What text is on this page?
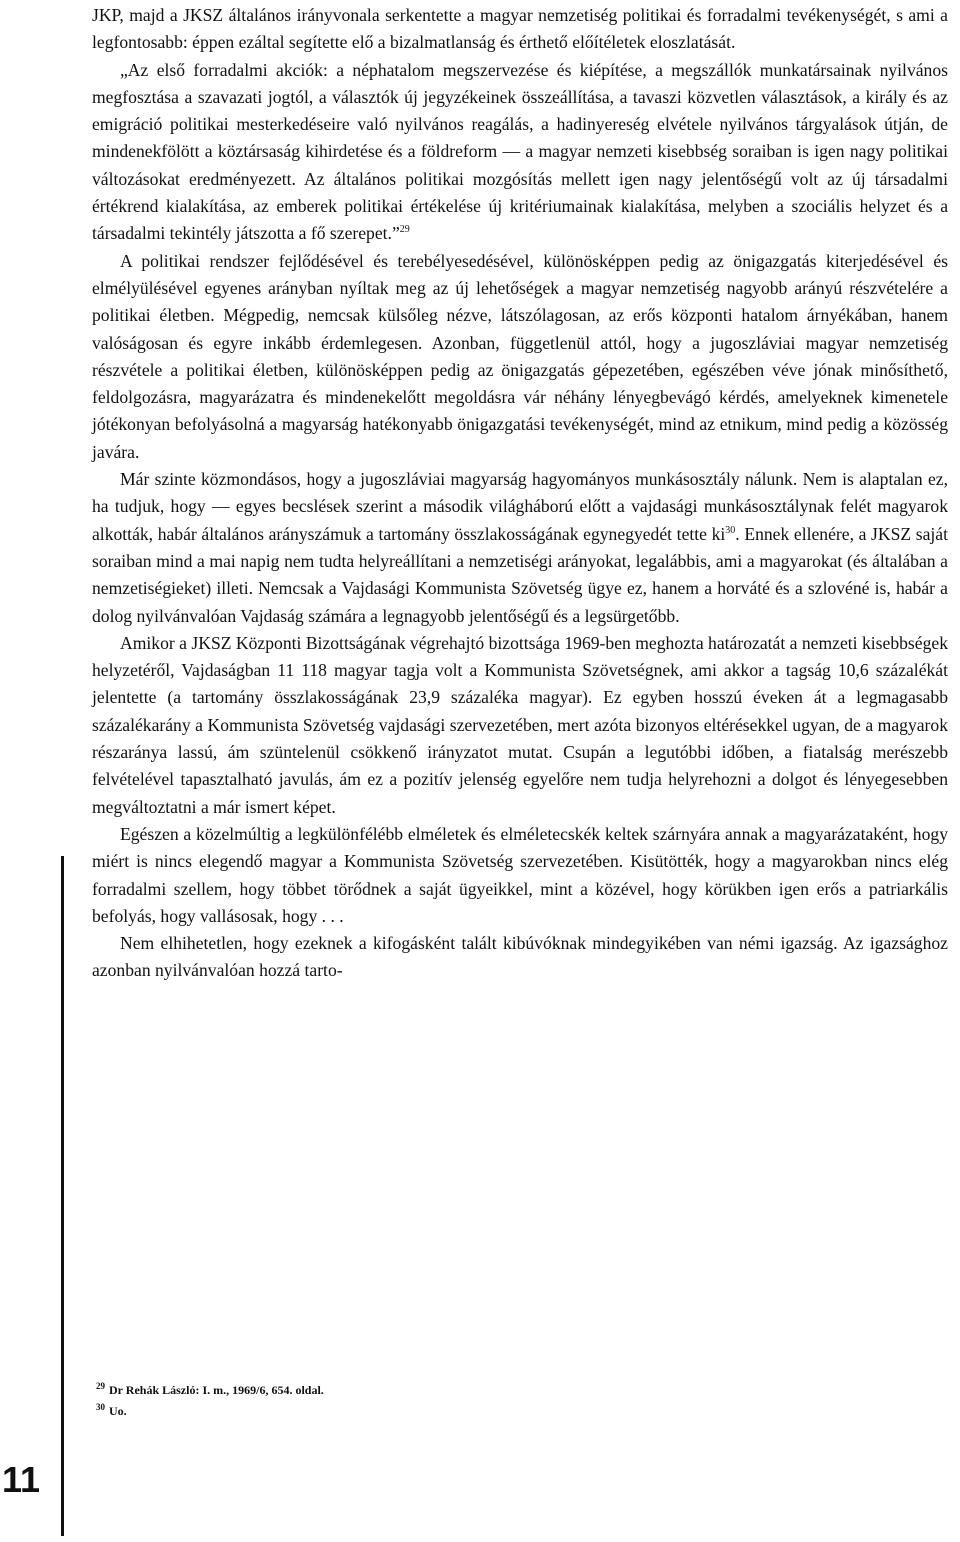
JKP, majd a JKSZ általános irányvonala serkentette a magyar nemzetiség politikai és forradalmi tevékenységét, s ami a legfontosabb: éppen ezáltal segítette elő a bizalmatlanság és érthető előítéletek eloszlatását.

„Az első forradalmi akciók: a néphatalom megszervezése és kiépítése, a megszállók munkatársainak nyilvános megfosztása a szavazati jogtól, a választók új jegyzékeinek összeállítása, a tavaszi közvetlen választások, a király és az emigráció politikai mesterkedéseire való nyilvános reagálás, a hadinyereség elvétele nyilvános tárgyalások útján, de mindenekfölött a köztársaság kihirdetése és a földreform — a magyar nemzeti kisebbség soraiban is igen nagy politikai változásokat eredményezett. Az általános politikai mozgósítás mellett igen nagy jelentőségű volt az új társadalmi értékrend kialakítása, az emberek politikai értékelése új kritériumainak kialakítása, melyben a szociális helyzet és a társadalmi tekintély játszotta a fő szerepet.”$^{29}$

A politikai rendszer fejlődésével és terebélyesedésével, különösképpen pedig az önigazgatás kiterjedésével és elmélyülésével egyenes arányban nyíltak meg az új lehetőségek a magyar nemzetiség nagyobb arányú részvételére a politikai életben. Mégpedig, nemcsak külsőleg nézve, látszólagosan, az erős központi hatalom árnyékában, hanem valóságosan és egyre inkább érdemlegesen. Azonban, függetlenül attól, hogy a jugoszláviai magyar nemzetiség részvétele a politikai életben, különösképpen pedig az önigazgatás gépezetében, egészében véve jónak minősíthető, feldolgozásra, magyarázatra és mindenekelőtt megoldásra vár néhány lényegbevágó kérdés, amelyeknek kimenetele jótékonyan befolyásolná a magyarság hatékonyabb önigazgatási tevékenységét, mind az etnikum, mind pedig a közösség javára.

Már szinte közmondásos, hogy a jugoszláviai magyarság hagyományos munkásosztály nálunk. Nem is alaptalan ez, ha tudjuk, hogy — egyes becslések szerint a második világháború előtt a vajdasági munkásosztálynak felét magyarok alkották, habár általános arányszámuk a tartomány összlakosságának egynegyedét tette ki$^{30}$. Ennek ellenére, a JKSZ saját soraiban mind a mai napig nem tudta helyreállítani a nemzetiségi arányokat, legalábbis, ami a magyarokat (és általában a nemzetiségieket) illeti. Nemcsak a Vajdasági Kommunista Szövetség ügye ez, hanem a horváté és a szlovéné is, habár a dolog nyilvánvalóan Vajdaság számára a legnagyobb jelentőségű és a legsürgetőbb.

Amikor a JKSZ Központi Bizottságának végrehajtó bizottsága 1969-ben meghozta határozatát a nemzeti kisebbségek helyzetéről, Vajdaságban 11 118 magyar tagja volt a Kommunista Szövetségnek, ami akkor a tagság 10,6 százalékát jelentette (a tartomány összlakosságának 23,9 százaléka magyar). Ez egyben hosszú éveken át a legmagasabb százalékarány a Kommunista Szövetség vajdasági szervezetében, mert azóta bizonyos eltérésekkel ugyan, de a magyarok részaránya lassú, ám szüntelenül csökkenő irányzatot mutat. Csupán a legutóbbi időben, a fiatalság merészebb felvételével tapasztalható javulás, ám ez a pozitív jelenség egyelőre nem tudja helyrehozni a dolgot és lényegesebben megváltoztatni a már ismert képet.

Egészen a közelmúltig a legkülönfélébb elméletek és elméletecskék keltek szárnyára annak a magyarázataként, hogy miért is nincs elegendő magyar a Kommunista Szövetség szervezetében. Kisütötték, hogy a magyarokban nincs elég forradalmi szellem, hogy többet törődnek a saját ügyeikkel, mint a közével, hogy körükben igen erős a patriarkális befolyás, hogy vallásosak, hogy . . .

Nem elhihetetlen, hogy ezeknek a kifogásként talált kibúvóknak mindegyikében van némi igazság. Az igazsághoz azonban nyilvánvalóan hozzá tarto-

11
$^{29}$ Dr Rehák László: I. m., 1969/6, 654. oldal.
$^{30}$ Uo.
